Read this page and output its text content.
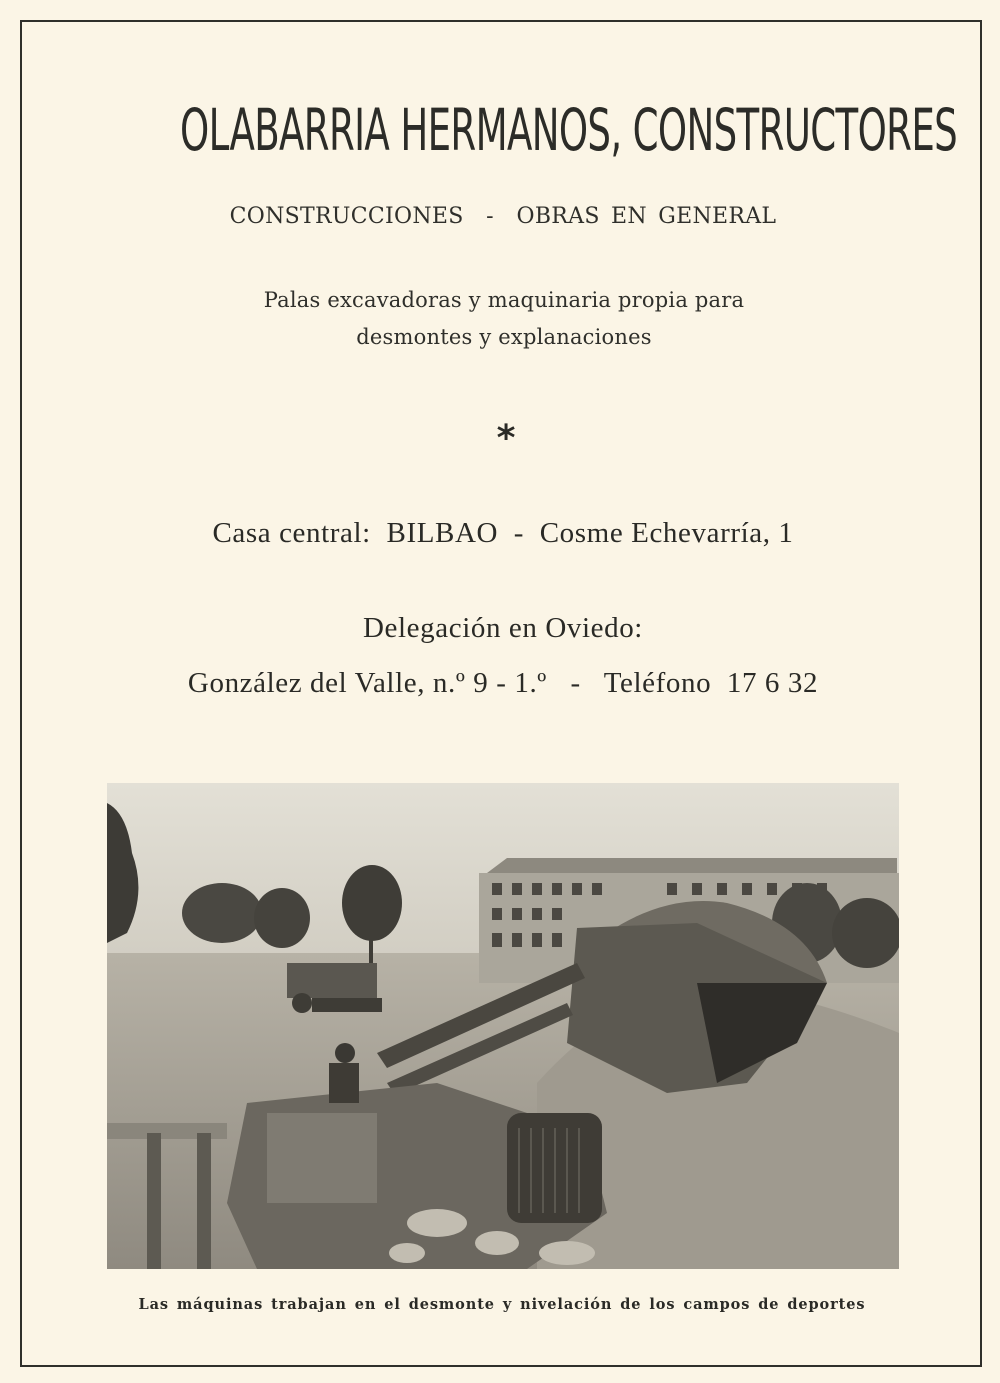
OLABARRIA HERMANOS, CONSTRUCTORES
CONSTRUCCIONES  -  OBRAS EN GENERAL
Palas excavadoras y maquinaria propia para
desmontes y explanaciones
*
Casa central:  BILBAO  -  Cosme Echevarría, 1
Delegación en Oviedo:
González del Valle, n.º 9 - 1.º   -   Teléfono  17 6 32
Las máquinas trabajan en el desmonte y nivelación de los campos de deportes
